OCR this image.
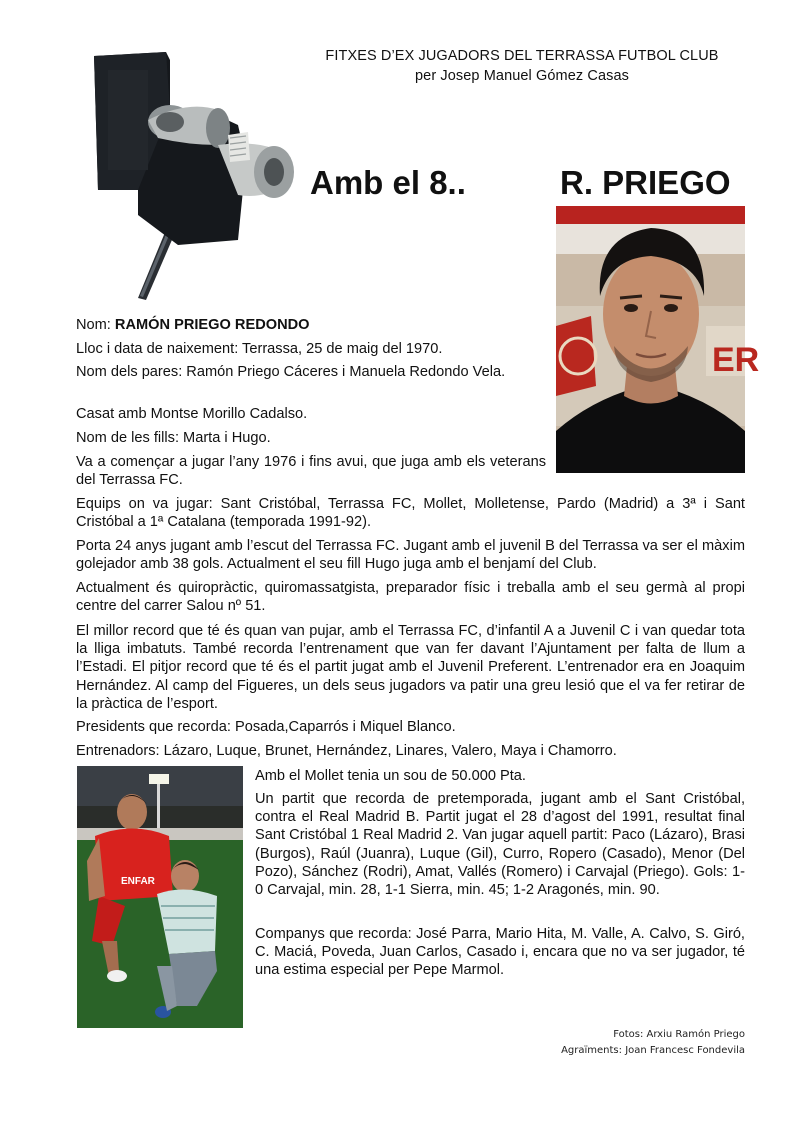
FITXES D’EX JUGADORS DEL TERRASSA FUTBOL CLUB
per Josep Manuel Gómez Casas
Amb el 8..	R. PRIEGO
ER

Nom: RAMÓN PRIEGO REDONDO

Lloc i data de naixement: Terrassa, 25 de maig del 1970.

Nom dels pares: Ramón Priego Cáceres i Manuela Redondo Vela.

Casat amb Montse Morillo Cadalso.

Nom de les fills: Marta i Hugo.

Va a començar a jugar l’any 1976 i fins avui, que juga amb els veterans del Terrassa FC.

Equips on va jugar: Sant Cristóbal, Terrassa FC, Mollet, Molletense, Pardo (Madrid) a 3ª i Sant Cristóbal a 1ª Catalana (temporada 1991-92).

Porta 24 anys jugant amb l’escut del Terrassa FC. Jugant amb el juvenil B del Terrassa va ser el màxim golejador amb 38 gols. Actualment el seu fill Hugo juga amb el benjamí del Club.

Actualment és quiropràctic, quiromassatgista, preparador físic i treballa amb el seu germà al propi centre del carrer Salou nº 51.

El millor record que té és quan van pujar, amb el Terrassa FC, d’infantil A a Juvenil C i van quedar tota la lliga imbatuts. També recorda l’entrenament que van fer davant l’Ajuntament per falta de llum a l’Estadi. El pitjor record que té és el partit jugat amb el Juvenil Preferent. L’entrenador era en Joaquim Hernández. Al camp del Figueres, un dels seus jugadors va patir una greu lesió que el va fer retirar de la pràctica de l’esport.

Presidents que recorda: Posada,Caparrós i Miquel Blanco.

Entrenadors: Lázaro, Luque, Brunet, Hernández, Linares, Valero, Maya i Chamorro.

Amb el Mollet tenia un sou de 50.000 Pta.

Un partit que recorda de pretemporada, jugant amb el Sant Cristóbal, contra el Real Madrid B. Partit jugat el 28 d’agost del 1991, resultat final Sant Cristóbal 1 Real Madrid 2. Van jugar aquell partit: Paco (Lázaro), Brasi (Burgos), Raúl (Juanra), Luque (Gil), Curro, Ropero (Casado), Menor (Del Pozo), Sánchez (Rodri), Amat, Vallés (Romero) i Carvajal (Priego). Gols: 1-0 Carvajal, min. 28, 1-1 Sierra, min. 45; 1-2 Aragonés, min. 90.

Companys que recorda: José Parra, Mario Hita, M. Valle, A. Calvo, S. Giró, C. Maciá, Poveda, Juan Carlos, Casado i, encara que no va ser jugador, té una estima especial per Pepe Marmol.

ENFAR
Fotos: Arxiu Ramón Priego
Agraïments: Joan Francesc Fondevila
